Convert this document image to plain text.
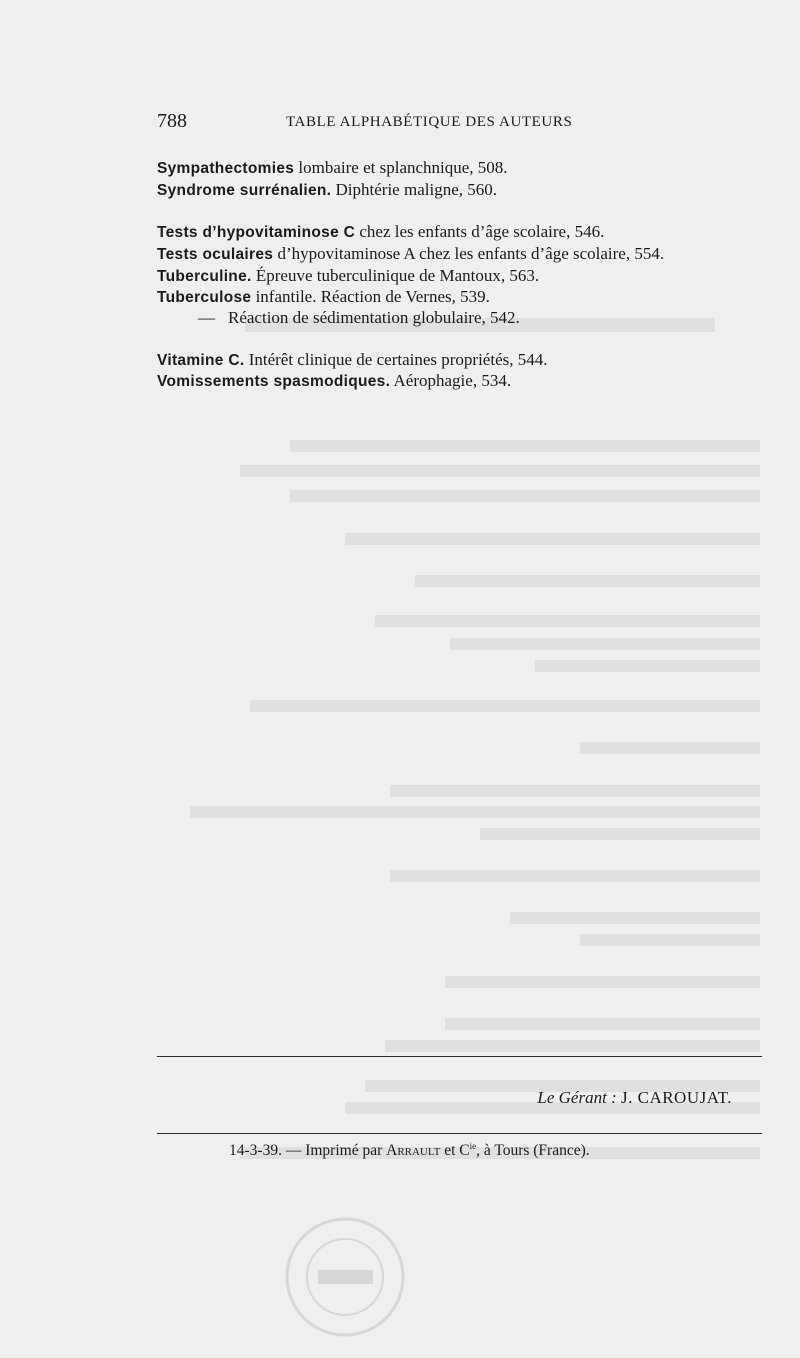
788	TABLE ALPHABÉTIQUE DES AUTEURS
Sympathectomies lombaire et splanchnique, 508.
Syndrome surrénalien. Diphtérie maligne, 560.
Tests d’hypovitaminose C chez les enfants d’âge scolaire, 546.
Tests oculaires d’hypovitaminose A chez les enfants d’âge scolaire, 554.
Tuberculine. Épreuve tuberculinique de Mantoux, 563.
Tuberculose infantile. Réaction de Vernes, 539.
— Réaction de sédimentation globulaire, 542.
Vitamine C. Intérêt clinique de certaines propriétés, 544.
Vomissements spasmodiques. Aérophagie, 534.
Le Gérant : J. CAROUJAT.
14-3-39. — Imprimé par Arrault et $C^{ie}$, à Tours (France).
